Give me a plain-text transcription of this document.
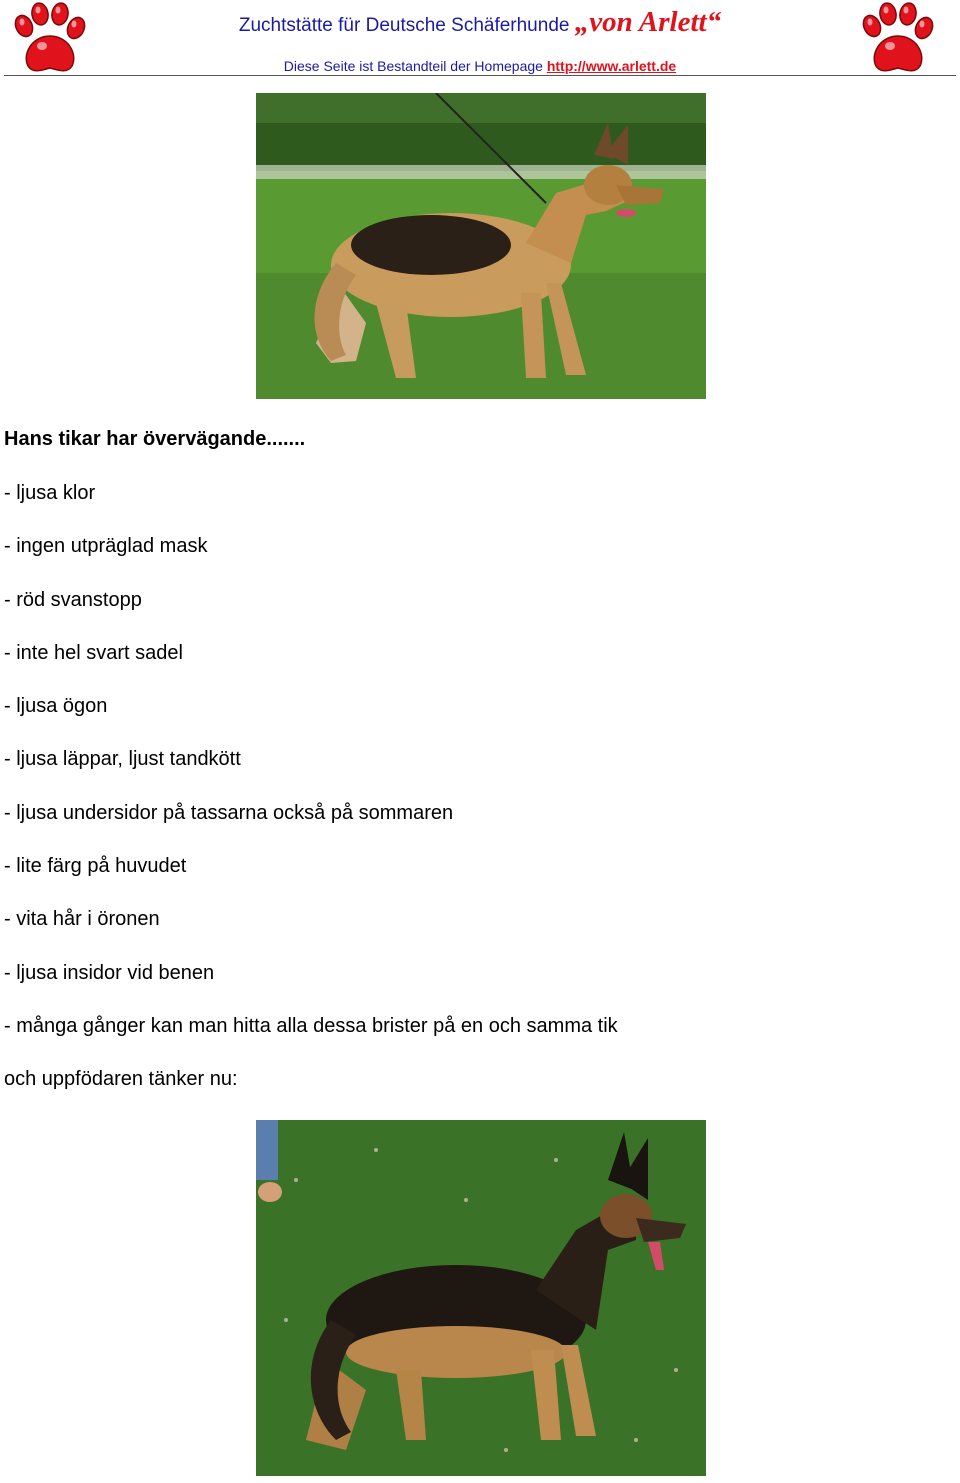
Zuchtstätte für Deutsche Schäferhunde „von Arlett“
Diese Seite ist Bestandteil der Homepage http://www.arlett.de
Hans tikar har övervägande.......
- ljusa klor
- ingen utpräglad mask
- röd svanstopp
- inte hel svart sadel
- ljusa ögon
- ljusa läppar, ljust tandkött
- ljusa undersidor på tassarna också på sommaren
- lite färg på huvudet
- vita hår i öronen
- ljusa insidor vid benen
- många gånger kan man hitta alla dessa brister på en och samma tik
och uppfödaren tänker nu:
